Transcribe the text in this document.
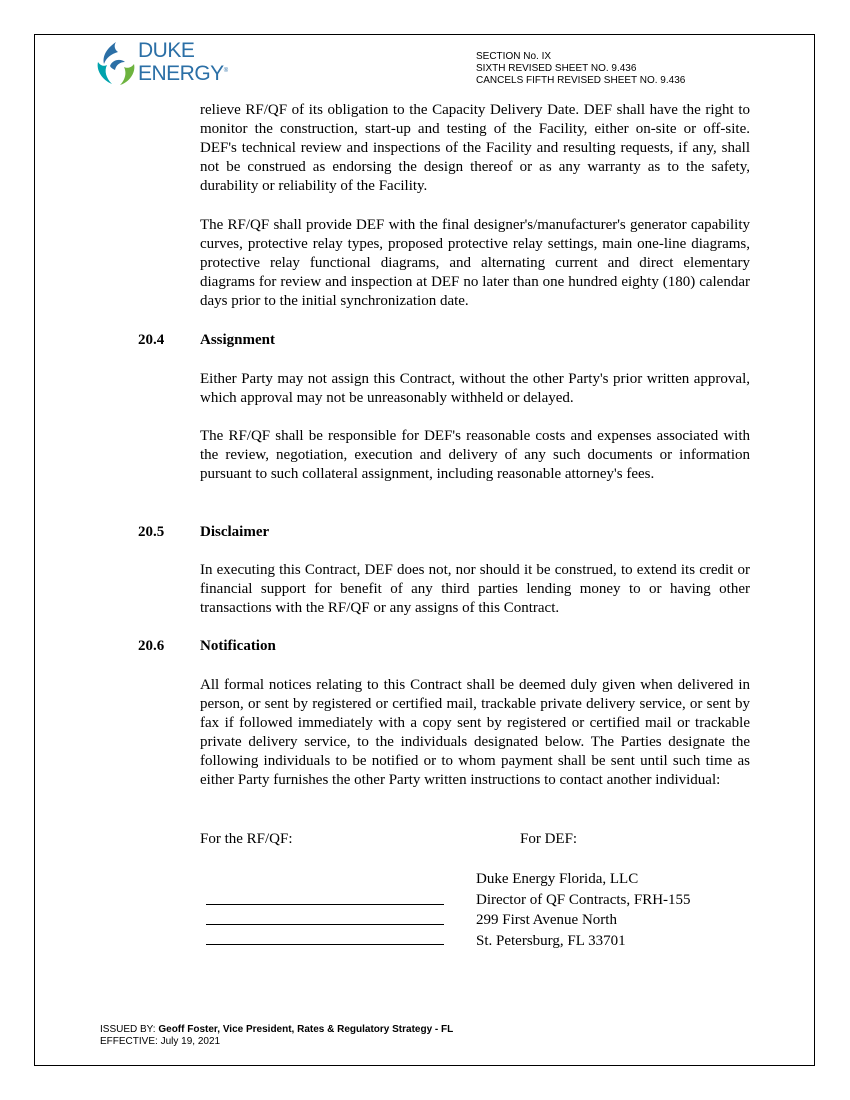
DUKE
ENERGY®
SECTION No. IX
SIXTH REVISED SHEET NO. 9.436
CANCELS FIFTH REVISED SHEET NO. 9.436

relieve RF/QF of its obligation to the Capacity Delivery Date. DEF shall have the right to monitor the construction, start-up and testing of the Facility, either on-site or off-site. DEF's technical review and inspections of the Facility and resulting requests, if any, shall not be construed as endorsing the design thereof or as any warranty as to the safety, durability or reliability of the Facility.

The RF/QF shall provide DEF with the final designer's/manufacturer's generator capability curves, protective relay types, proposed protective relay settings, main one-line diagrams, protective relay functional diagrams, and alternating current and direct elementary diagrams for review and inspection at DEF no later than one hundred eighty (180) calendar days prior to the initial synchronization date.

20.4 Assignment

Either Party may not assign this Contract, without the other Party's prior written approval, which approval may not be unreasonably withheld or delayed.

The RF/QF shall be responsible for DEF's reasonable costs and expenses associated with the review, negotiation, execution and delivery of any such documents or information pursuant to such collateral assignment, including reasonable attorney's fees.

20.5 Disclaimer

In executing this Contract, DEF does not, nor should it be construed, to extend its credit or financial support for benefit of any third parties lending money to or having other transactions with the RF/QF or any assigns of this Contract.

20.6 Notification

All formal notices relating to this Contract shall be deemed duly given when delivered in person, or sent by registered or certified mail, trackable private delivery service, or sent by fax if followed immediately with a copy sent by registered or certified mail or trackable private delivery service, to the individuals designated below. The Parties designate the following individuals to be notified or to whom payment shall be sent until such time as either Party furnishes the other Party written instructions to contact another individual:

For the RF/QF:	For DEF:
Duke Energy Florida, LLC
Director of QF Contracts, FRH-155
299 First Avenue North
St. Petersburg, FL 33701
ISSUED BY: Geoff Foster, Vice President, Rates & Regulatory Strategy - FL
EFFECTIVE: July 19, 2021
